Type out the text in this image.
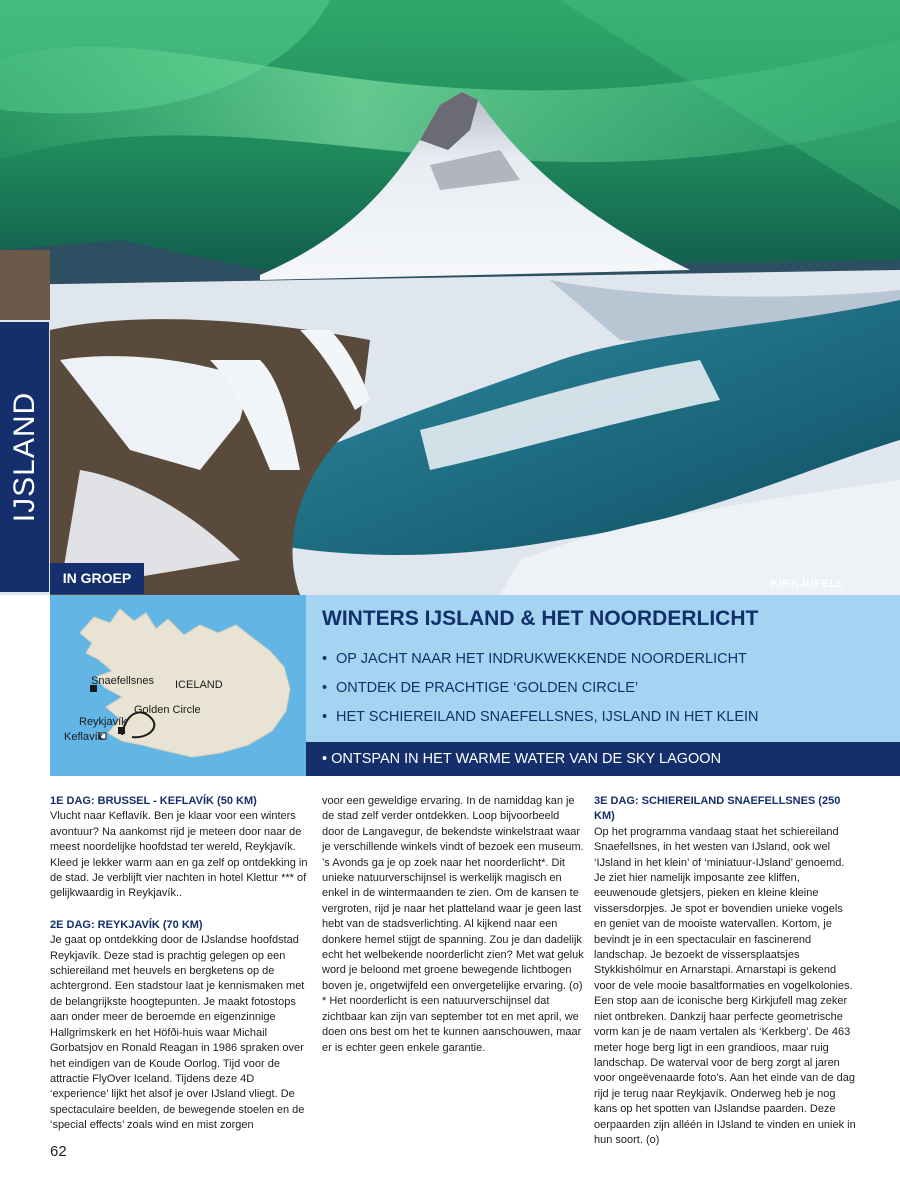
IJSLAND
IN GROEP	KIRKJUFELL
Snaefellsnes ICELAND
Golden Circle
Reykjavík
Keflavík
WINTERS IJSLAND & HET NOORDERLICHT
• OP JACHT NAAR HET INDRUKWEKKENDE NOORDERLICHT
• ONTDEK DE PRACHTIGE ‘GOLDEN CIRCLE’
• HET SCHIEREILAND SNAEFELLSNES, IJSLAND IN HET KLEIN
• ONTSPAN IN HET WARME WATER VAN DE SKY LAGOON
1E DAG: BRUSSEL - KEFLAVÍK (50 KM)

Vlucht naar Keflavík. Ben je klaar voor een winters avontuur? Na aankomst rijd je meteen door naar de meest noordelijke hoofdstad ter wereld, Reykjavík. Kleed je lekker warm aan en ga zelf op ontdekking in de stad. Je verblijft vier nachten in hotel Klettur *** of gelijkwaardig in Reykjavík..

2E DAG: REYKJAVÍK (70 KM)

Je gaat op ontdekking door de IJslandse hoofdstad Reykjavík. Deze stad is prachtig gelegen op een schiereiland met heuvels en bergketens op de achtergrond. Een stadstour laat je kennismaken met de belangrijkste hoogtepunten. Je maakt fotostops aan onder meer de beroemde en eigenzinnige Hallgrimskerk en het Höfði-huis waar Michail Gorbatsjov en Ronald Reagan in 1986 spraken over het eindigen van de Koude Oorlog. Tijd voor de attractie FlyOver Iceland. Tijdens deze 4D ‘experience’ lijkt het alsof je over IJsland vliegt. De spectaculaire beelden, de bewegende stoelen en de ‘special effects’ zoals wind en mist zorgen

voor een geweldige ervaring. In de namiddag kan je de stad zelf verder ontdekken. Loop bijvoorbeeld door de Langavegur, de bekendste winkelstraat waar je verschillende winkels vindt of bezoek een museum. ’s Avonds ga je op zoek naar het noorderlicht*. Dit unieke natuurverschijnsel is werkelijk magisch en enkel in de wintermaanden te zien. Om de kansen te vergroten, rijd je naar het platteland waar je geen last hebt van de stadsverlichting. Al kijkend naar een donkere hemel stijgt de spanning. Zou je dan dadelijk echt het welbekende noorderlicht zien? Met wat geluk word je beloond met groene bewegende lichtbogen boven je, ongetwijfeld een onvergetelijke ervaring. (o)

* Het noorderlicht is een natuurverschijnsel dat zichtbaar kan zijn van september tot en met april, we doen ons best om het te kunnen aanschouwen, maar er is echter geen enkele garantie.

3E DAG: SCHIEREILAND SNAEFELLSNES (250 KM)

Op het programma vandaag staat het schiereiland Snaefellsnes, in het westen van IJsland, ook wel ‘IJsland in het klein’ of ‘miniatuur-IJsland’ genoemd. Je ziet hier namelijk imposante zee kliffen, eeuwenoude gletsjers, pieken en kleine kleine vissersdorpjes. Je spot er bovendien unieke vogels en geniet van de mooiste watervallen. Kortom, je bevindt je in een spectaculair en fascinerend landschap. Je bezoekt de vissersplaatsjes Stykkishólmur en Arnarstapi. Arnarstapi is gekend voor de vele mooie basaltformaties en vogelkolonies. Een stop aan de iconische berg Kirkjufell mag zeker niet ontbreken. Dankzij haar perfecte geometrische vorm kan je de naam vertalen als ‘Kerkberg’. De 463 meter hoge berg ligt in een grandioos, maar ruig landschap. De waterval voor de berg zorgt al jaren voor ongeëvenaarde foto’s. Aan het einde van de dag rijd je terug naar Reykjavík. Onderweg heb je nog kans op het spotten van IJslandse paarden. Deze oerpaarden zijn alléén in IJsland te vinden en uniek in hun soort. (o)

62
